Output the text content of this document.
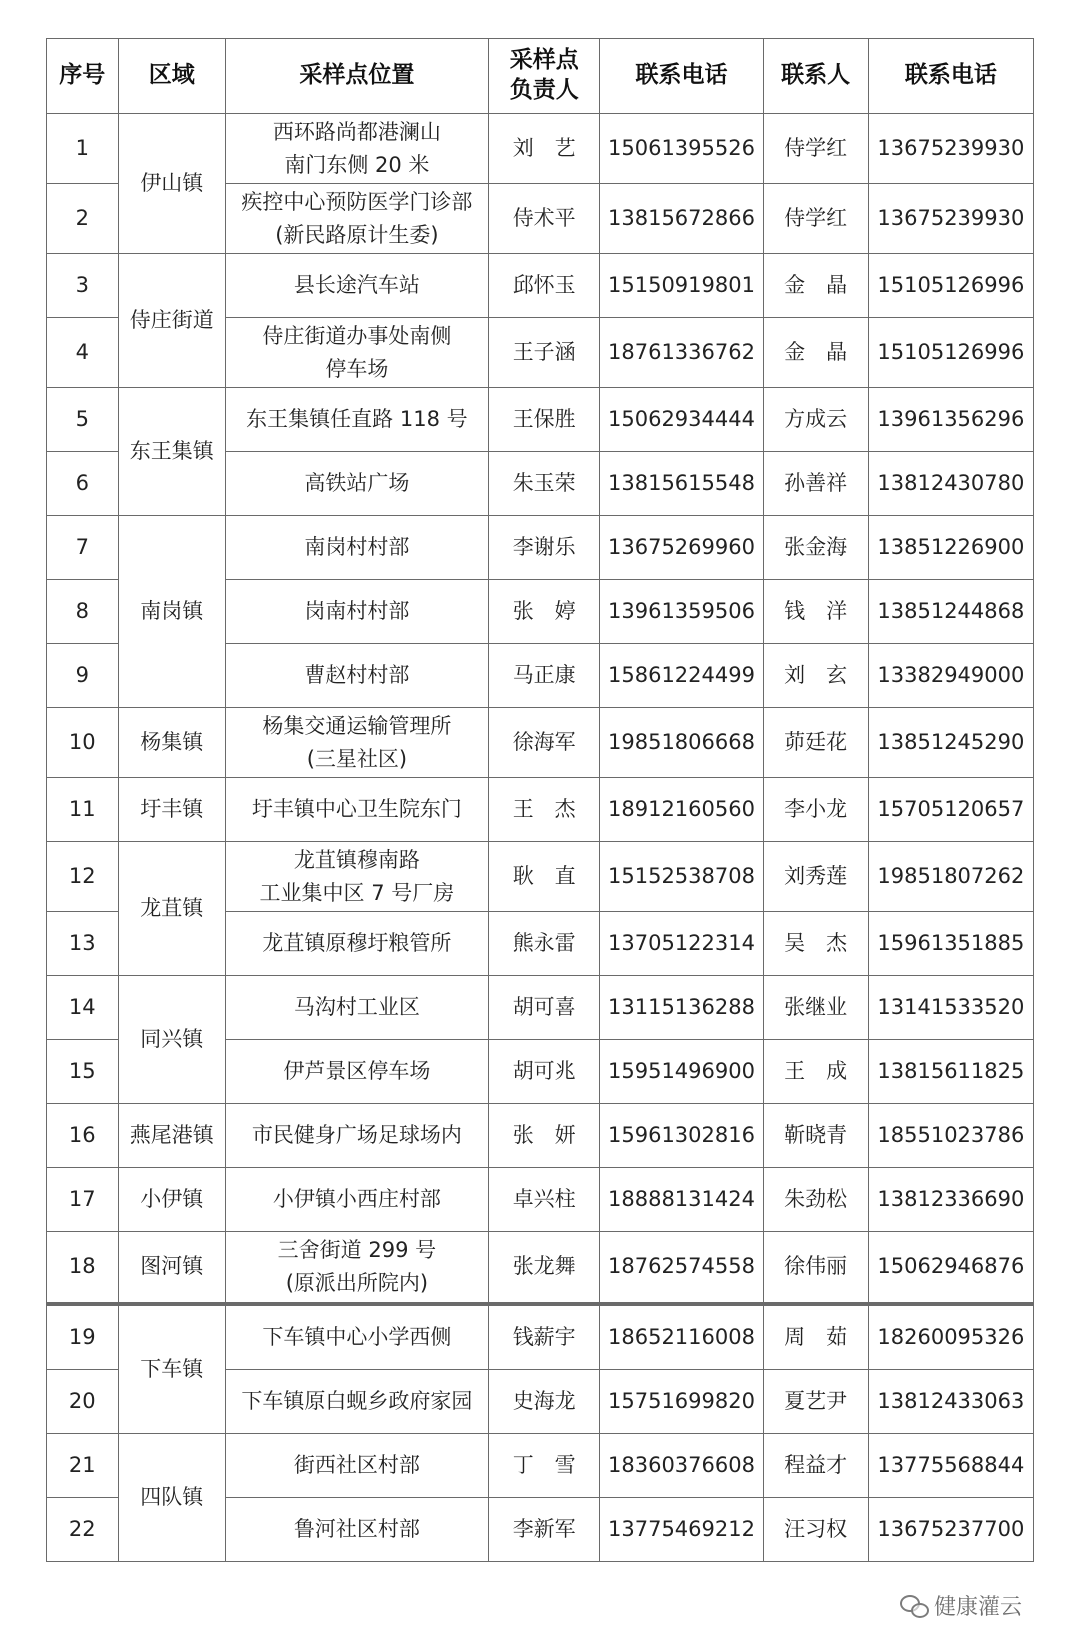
序号	区域	采样点位置	采样点
负责人	联系电话	联系人	联系电话
1	伊山镇	西环路尚都港澜山
南门东侧 20 米	刘　艺	15061395526	侍学红	13675239930
2		疾控中心预防医学门诊部
(新民路原计生委)	侍术平	13815672866	侍学红	13675239930
3	侍庄街道	县长途汽车站	邱怀玉	15150919801	金　晶	15105126996
4		侍庄街道办事处南侧
停车场	王子涵	18761336762	金　晶	15105126996
5	东王集镇	东王集镇任直路 118 号	王保胜	15062934444	方成云	13961356296
6		高铁站广场	朱玉荣	13815615548	孙善祥	13812430780
7	南岗镇	南岗村村部	李谢乐	13675269960	张金海	13851226900
8		岗南村村部	张　婷	13961359506	钱　洋	13851244868
9		曹赵村村部	马正康	15861224499	刘　玄	13382949000
10	杨集镇	杨集交通运输管理所
(三星社区)	徐海军	19851806668	茆廷花	13851245290
11	圩丰镇	圩丰镇中心卫生院东门	王　杰	18912160560	李小龙	15705120657
12	龙苴镇	龙苴镇穆南路
工业集中区 7 号厂房	耿　直	15152538708	刘秀莲	19851807262
13		龙苴镇原穆圩粮管所	熊永雷	13705122314	吴　杰	15961351885
14	同兴镇	马沟村工业区	胡可喜	13115136288	张继业	13141533520
15		伊芦景区停车场	胡可兆	15951496900	王　成	13815611825
16	燕尾港镇	市民健身广场足球场内	张　妍	15961302816	靳晓青	18551023786
17	小伊镇	小伊镇小西庄村部	卓兴柱	18888131424	朱劲松	13812336690
18	图河镇	三舍街道 299 号
(原派出所院内)	张龙舞	18762574558	徐伟丽	15062946876
19	下车镇	下车镇中心小学西侧	钱薪宇	18652116008	周　茹	18260095326
20		下车镇原白蚬乡政府家园	史海龙	15751699820	夏艺尹	13812433063
21	四队镇	街西社区村部	丁　雪	18360376608	程益才	13775568844
22		鲁河社区村部	李新军	13775469212	汪习权	13675237700
健康灌云
